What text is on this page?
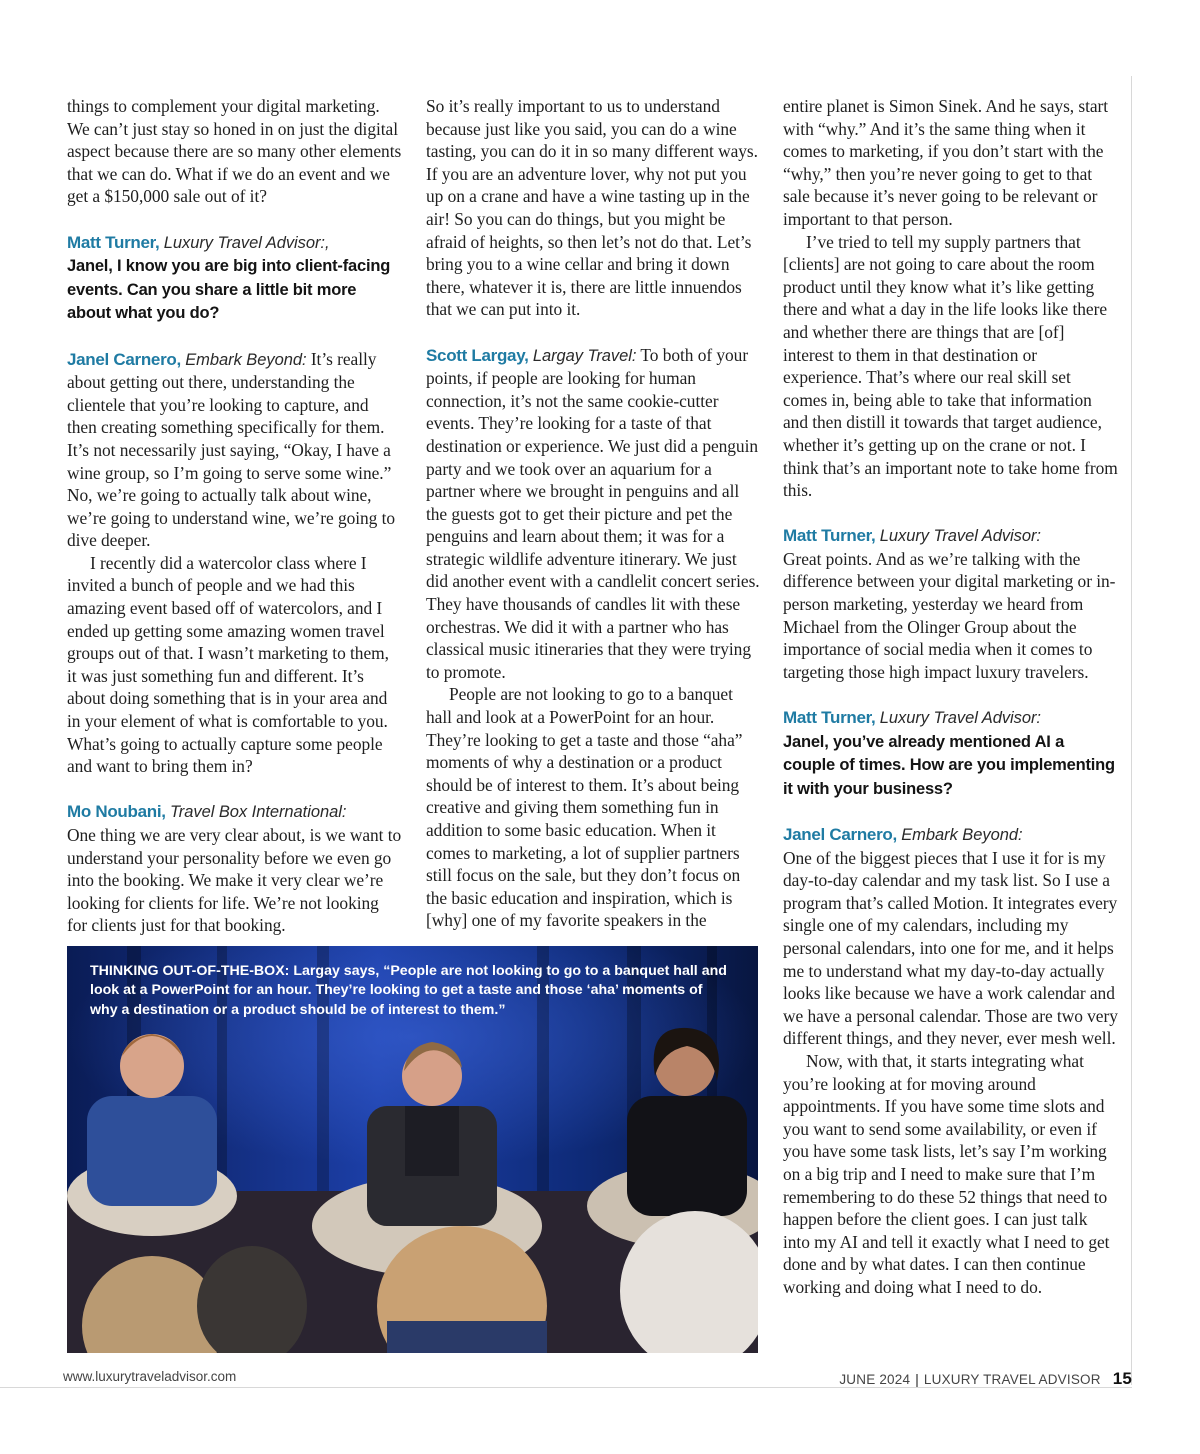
things to complement your digital marketing. We can’t just stay so honed in on just the digital aspect because there are so many other elements that we can do. What if we do an event and we get a $150,000 sale out of it?

Matt Turner, Luxury Travel Advisor:,
Janel, I know you are big into client-facing events. Can you share a little bit more about what you do?

Janel Carnero, Embark Beyond: It’s really about getting out there, understanding the clientele that you’re looking to capture, and then creating something specifically for them. It’s not necessarily just saying, “Okay, I have a wine group, so I’m going to serve some wine.” No, we’re going to actually talk about wine, we’re going to understand wine, we’re going to dive deeper.

I recently did a watercolor class where I invited a bunch of people and we had this amazing event based off of watercolors, and I ended up getting some amazing women travel groups out of that. I wasn’t marketing to them, it was just something fun and different. It’s about doing something that is in your area and in your element of what is comfortable to you. What’s going to actually capture some people and want to bring them in?

Mo Noubani, Travel Box International:
One thing we are very clear about, is we want to understand your personality before we even go into the booking. We make it very clear we’re looking for clients for life. We’re not looking for clients just for that booking.

So it’s really important to us to understand because just like you said, you can do a wine tasting, you can do it in so many different ways. If you are an adventure lover, why not put you up on a crane and have a wine tasting up in the air! So you can do things, but you might be afraid of heights, so then let’s not do that. Let’s bring you to a wine cellar and bring it down there, whatever it is, there are little innuendos that we can put into it.

Scott Largay, Largay Travel: To both of your points, if people are looking for human connection, it’s not the same cookie-cutter events. They’re looking for a taste of that destination or experience. We just did a penguin party and we took over an aquarium for a partner where we brought in penguins and all the guests got to get their picture and pet the penguins and learn about them; it was for a strategic wildlife adventure itinerary. We just did another event with a candlelit concert series. They have thousands of candles lit with these orchestras. We did it with a partner who has classical music itineraries that they were trying to promote.

People are not looking to go to a banquet hall and look at a PowerPoint for an hour. They’re looking to get a taste and those “aha” moments of why a destination or a product should be of interest to them. It’s about being creative and giving them something fun in addition to some basic education. When it comes to marketing, a lot of supplier partners still focus on the sale, but they don’t focus on the basic education and inspiration, which is [why] one of my favorite speakers in the

entire planet is Simon Sinek. And he says, start with “why.” And it’s the same thing when it comes to marketing, if you don’t start with the “why,” then you’re never going to get to that sale because it’s never going to be relevant or important to that person.

I’ve tried to tell my supply partners that [clients] are not going to care about the room product until they know what it’s like getting there and what a day in the life looks like there and whether there are things that are [of] interest to them in that destination or experience. That’s where our real skill set comes in, being able to take that information and then distill it towards that target audience, whether it’s getting up on the crane or not. I think that’s an important note to take home from this.

Matt Turner, Luxury Travel Advisor:
Great points. And as we’re talking with the difference between your digital marketing or in-person marketing, yesterday we heard from Michael from the Olinger Group about the importance of social media when it comes to targeting those high impact luxury travelers.

Matt Turner, Luxury Travel Advisor:
Janel, you’ve already mentioned AI a couple of times. How are you implementing it with your business?

Janel Carnero, Embark Beyond:
One of the biggest pieces that I use it for is my day-to-day calendar and my task list. So I use a program that’s called Motion. It integrates every single one of my calendars, including my personal calendars, into one for me, and it helps me to understand what my day-to-day actually looks like because we have a work calendar and we have a personal calendar. Those are two very different things, and they never, ever mesh well.

Now, with that, it starts integrating what you’re looking at for moving around appointments. If you have some time slots and you want to send some availability, or even if you have some task lists, let’s say I’m working on a big trip and I need to make sure that I’m remembering to do these 52 things that need to happen before the client goes. I can just talk into my AI and tell it exactly what I need to get done and by what dates. I can then continue working and doing what I need to do.

THINKING OUT-OF-THE-BOX: Largay says, “People are not looking to go to a banquet hall and look at a PowerPoint for an hour. They’re looking to get a taste and those ‘aha’ moments of why a destination or a product should be of interest to them.”
www.luxurytraveladvisor.com	JUNE 2024 | LUXURY TRAVEL ADVISOR 15
